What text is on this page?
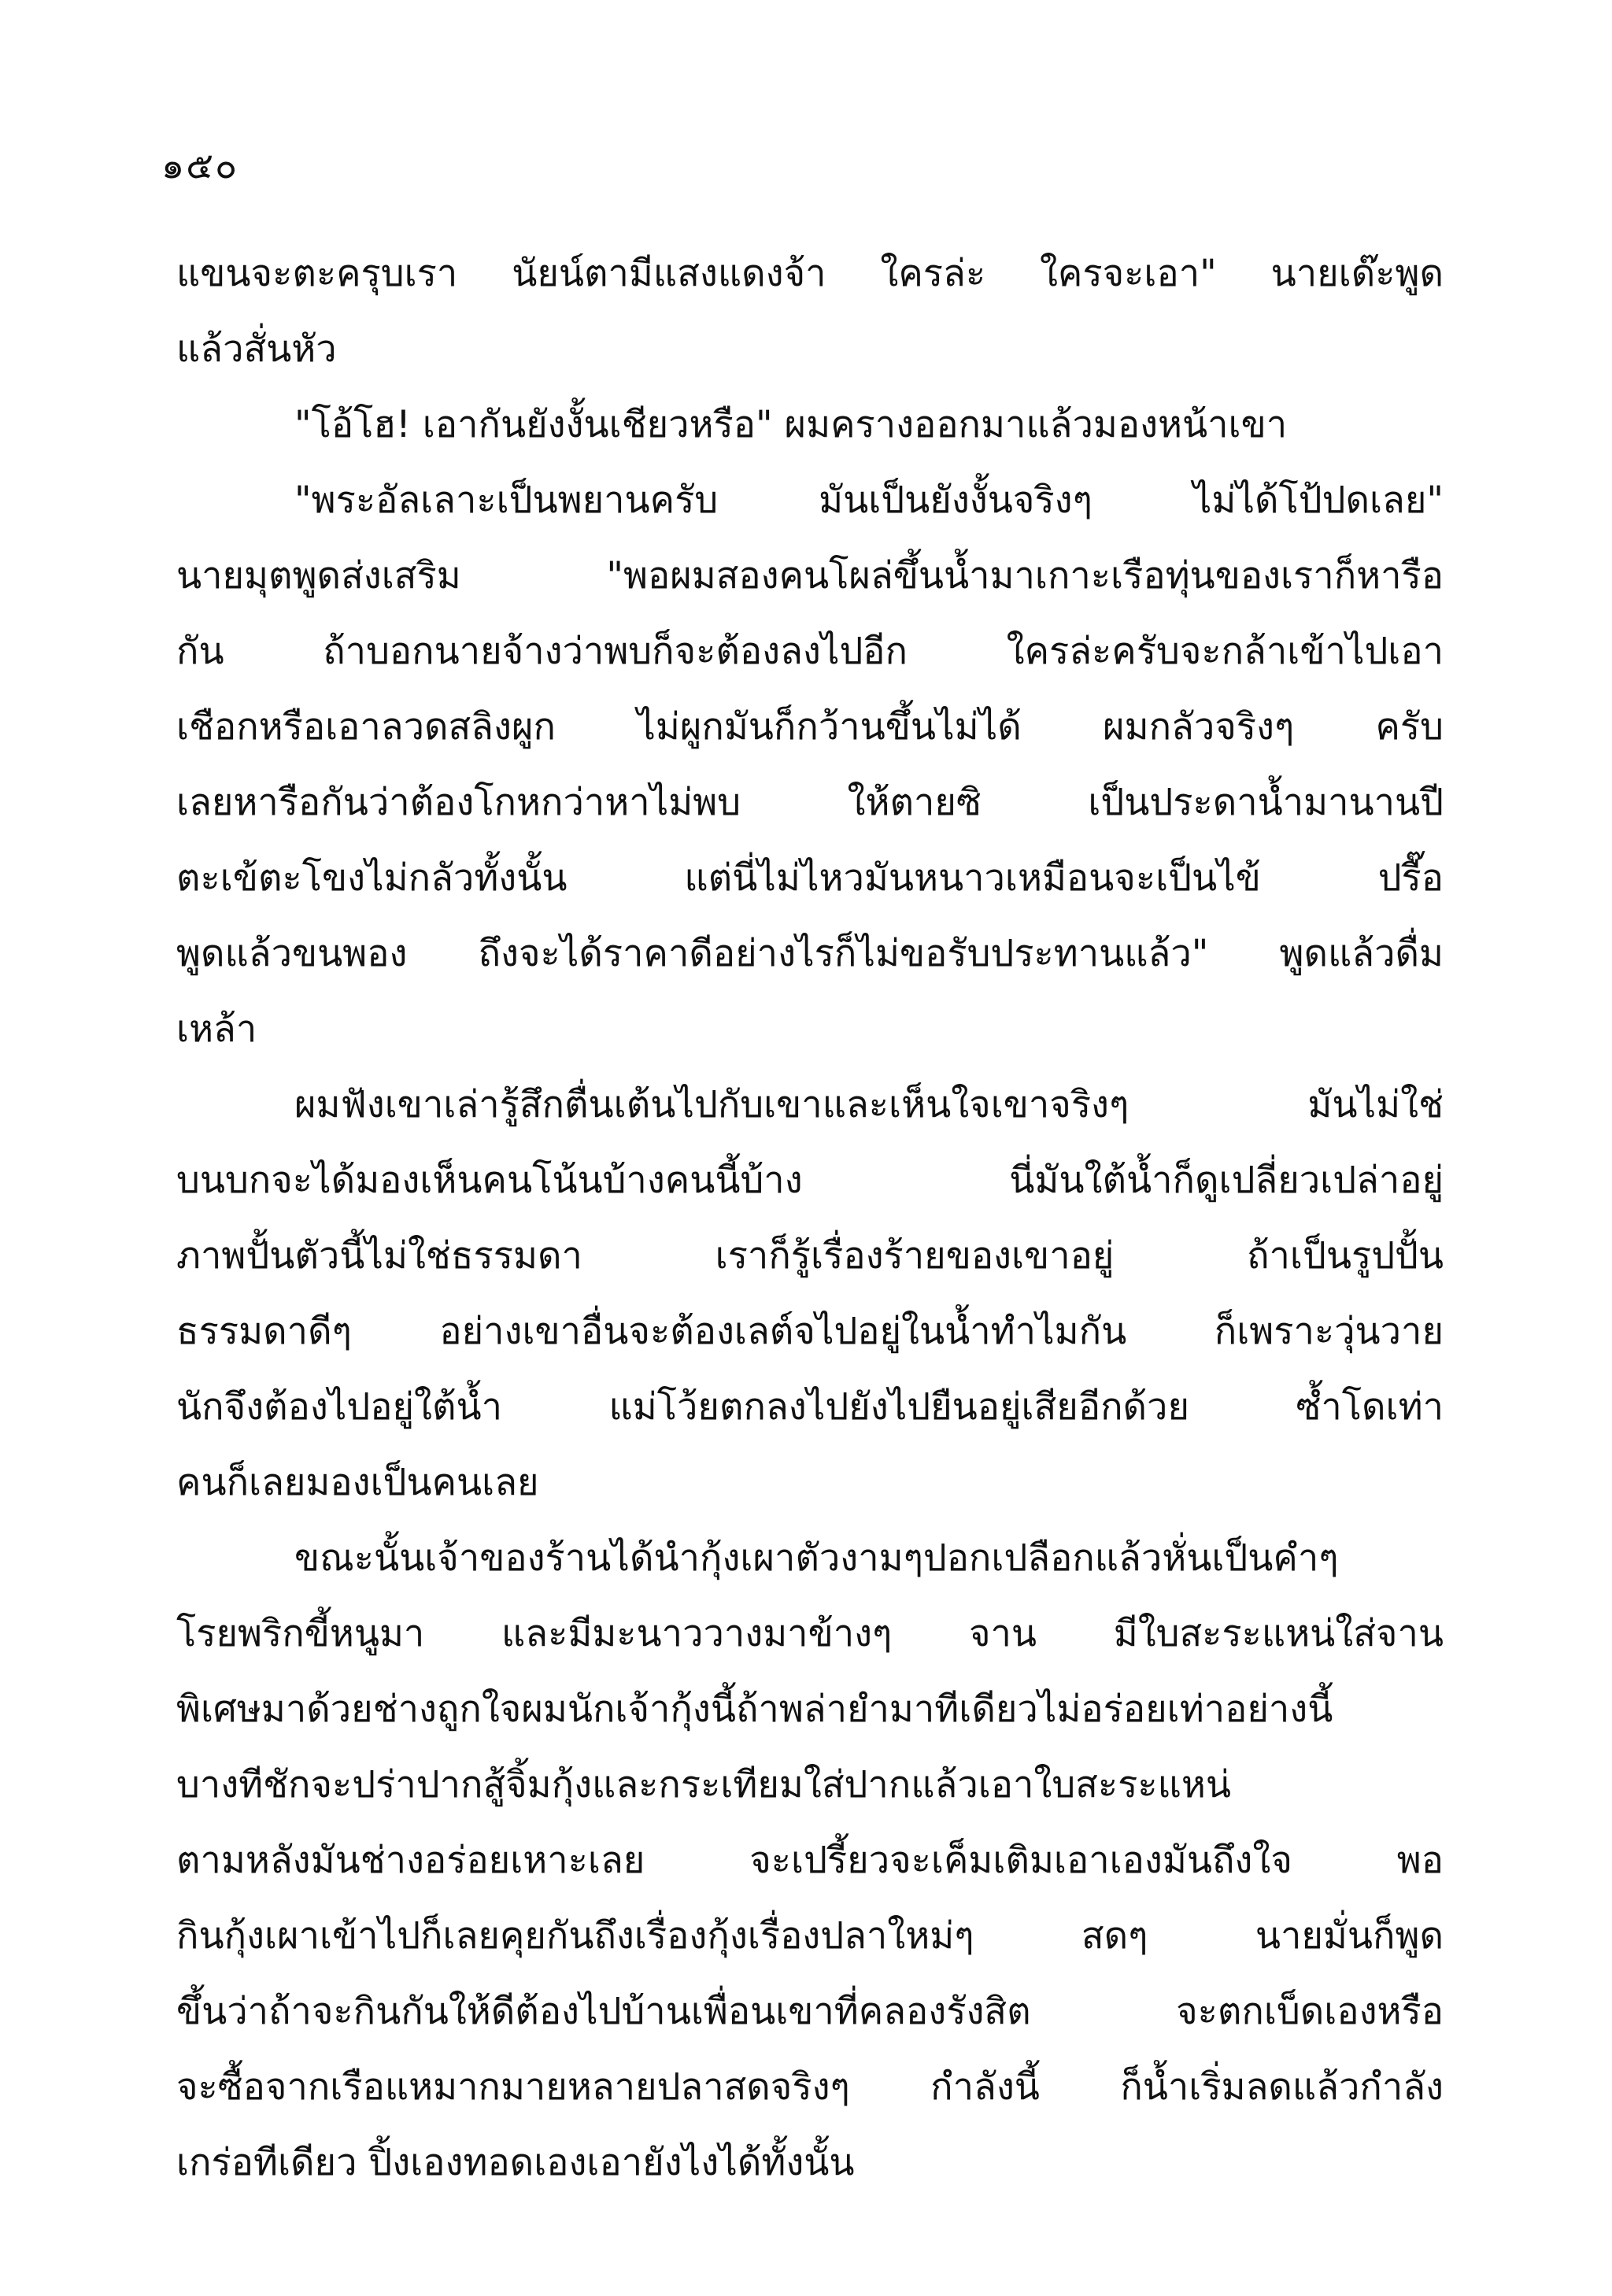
๑๕๐
แขนจะตะครุบเรา นัยน์ตามีแสงแดงจ้า ใครล่ะ ใครจะเอา" นายเด๊ะพูด
แล้วสั่นหัว
"โอ้โฮ! เอากันยังงั้นเชียวหรือ" ผมครางออกมาแล้วมองหน้าเขา
"พระอัลเลาะเป็นพยานครับ มันเป็นยังงั้นจริงๆ ไม่ได้โป้ปดเลย"
นายมุตพูดส่งเสริม "พอผมสองคนโผล่ขึ้นน้ำมาเกาะเรือทุ่นของเราก็หารือ
กัน ถ้าบอกนายจ้างว่าพบก็จะต้องลงไปอีก ใครล่ะครับจะกล้าเข้าไปเอา
เชือกหรือเอาลวดสลิงผูก ไม่ผูกมันก็กว้านขึ้นไม่ได้ ผมกลัวจริงๆ ครับ
เลยหารือกันว่าต้องโกหกว่าหาไม่พบ ให้ตายซิ เป็นประดาน้ำมานานปี
ตะเข้ตะโขงไม่กลัวทั้งนั้น แต่นี่ไม่ไหวมันหนาวเหมือนจะเป็นไข้ ปรื๊อ
พูดแล้วขนพอง ถึงจะได้ราคาดีอย่างไรก็ไม่ขอรับประทานแล้ว" พูดแล้วดื่ม
เหล้า
ผมฟังเขาเล่ารู้สึกตื่นเต้นไปกับเขาและเห็นใจเขาจริงๆ มันไม่ใช่
บนบกจะได้มองเห็นคนโน้นบ้างคนนี้บ้าง นี่มันใต้น้ำก็ดูเปลี่ยวเปล่าอยู่
ภาพปั้นตัวนี้ไม่ใช่ธรรมดา เราก็รู้เรื่องร้ายของเขาอยู่ ถ้าเป็นรูปปั้น
ธรรมดาดีๆ อย่างเขาอื่นจะต้องเลต์จไปอยู่ในน้ำทำไมกัน ก็เพราะวุ่นวาย
นักจึงต้องไปอยู่ใต้น้ำ แม่โว้ยตกลงไปยังไปยืนอยู่เสียอีกด้วย ซ้ำโดเท่า
คนก็เลยมองเป็นคนเลย
ขณะนั้นเจ้าของร้านได้นำกุ้งเผาตัวงามๆปอกเปลือกแล้วหั่นเป็นคำๆ
โรยพริกขี้หนูมา และมีมะนาววางมาข้างๆ จาน มีใบสะระแหน่ใส่จาน
พิเศษมาด้วยช่างถูกใจผมนักเจ้ากุ้งนี้ถ้าพล่ายำมาทีเดียวไม่อร่อยเท่าอย่างนี้
บางทีชักจะปร่าปากสู้จิ้มกุ้งและกระเทียมใส่ปากแล้วเอาใบสะระแหน่
ตามหลังมันช่างอร่อยเหาะเลย จะเปรี้ยวจะเค็มเติมเอาเองมันถึงใจ พอ
กินกุ้งเผาเข้าไปก็เลยคุยกันถึงเรื่องกุ้งเรื่องปลาใหม่ๆ สดๆ นายมั่นก็พูด
ขึ้นว่าถ้าจะกินกันให้ดีต้องไปบ้านเพื่อนเขาที่คลองรังสิต จะตกเบ็ดเองหรือ
จะซื้อจากเรือแหมากมายหลายปลาสดจริงๆ กำลังนี้ ก็น้ำเริ่มลดแล้วกำลัง
เกร่อทีเดียว ปิ้งเองทอดเองเอายังไงได้ทั้งนั้น
